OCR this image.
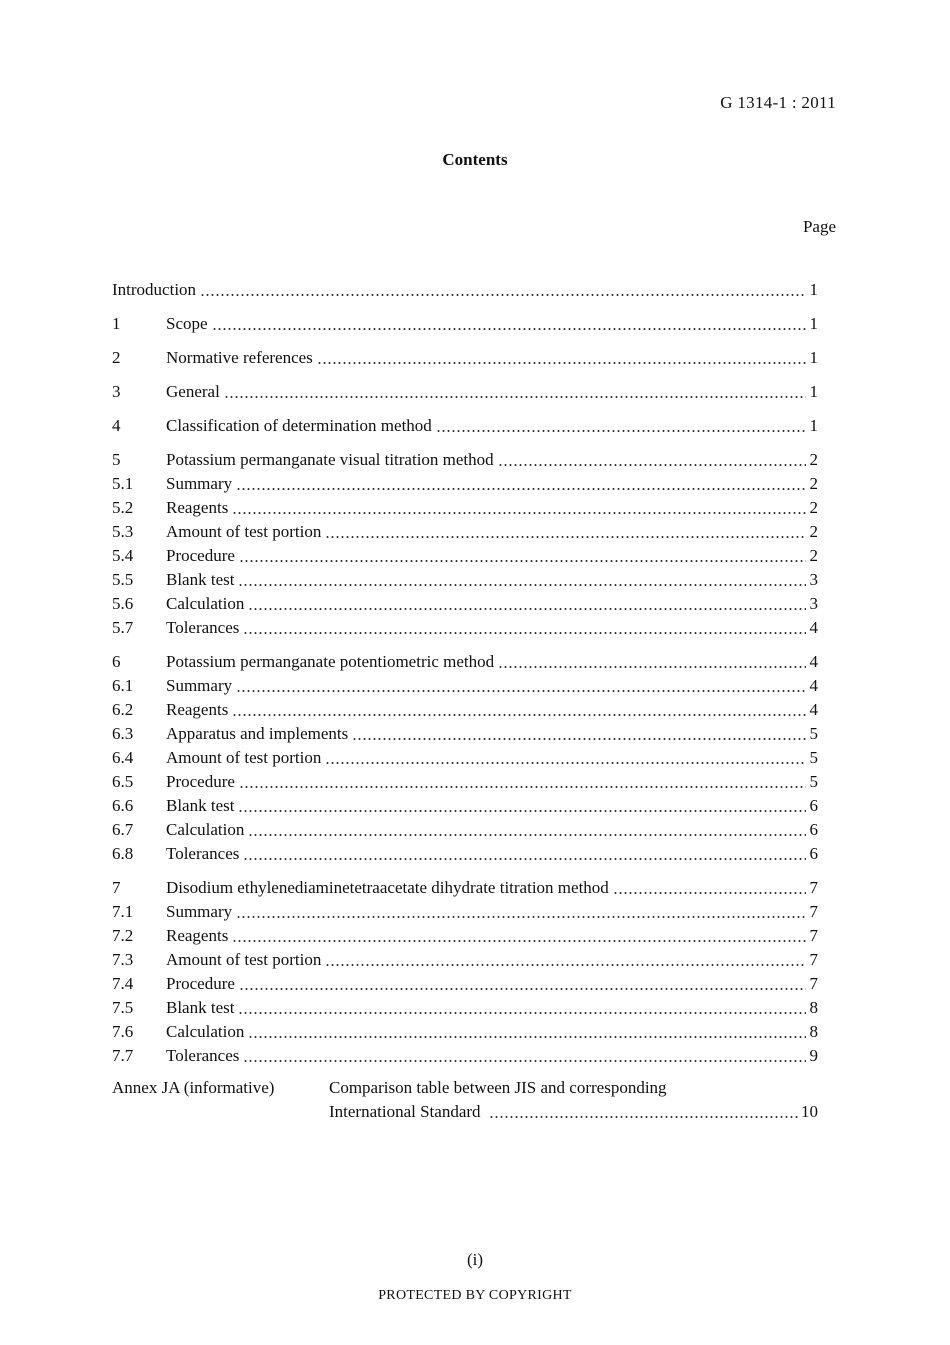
G 1314-1 : 2011
Contents
Page
Introduction	1
1	Scope	1
2	Normative references	1
3	General	1
4	Classification of determination method	1
5	Potassium permanganate visual titration method	2
5.1	Summary	2
5.2	Reagents	2
5.3	Amount of test portion	2
5.4	Procedure	2
5.5	Blank test	3
5.6	Calculation	3
5.7	Tolerances	4
6	Potassium permanganate potentiometric method	4
6.1	Summary	4
6.2	Reagents	4
6.3	Apparatus and implements	5
6.4	Amount of test portion	5
6.5	Procedure	5
6.6	Blank test	6
6.7	Calculation	6
6.8	Tolerances	6
7	Disodium ethylenediaminetetraacetate dihydrate titration method	7
7.1	Summary	7
7.2	Reagents	7
7.3	Amount of test portion	7
7.4	Procedure	7
7.5	Blank test	8
7.6	Calculation	8
7.7	Tolerances	9
Annex JA (informative)	Comparison table between JIS and corresponding
International Standard	10
(i)
PROTECTED BY COPYRIGHT
